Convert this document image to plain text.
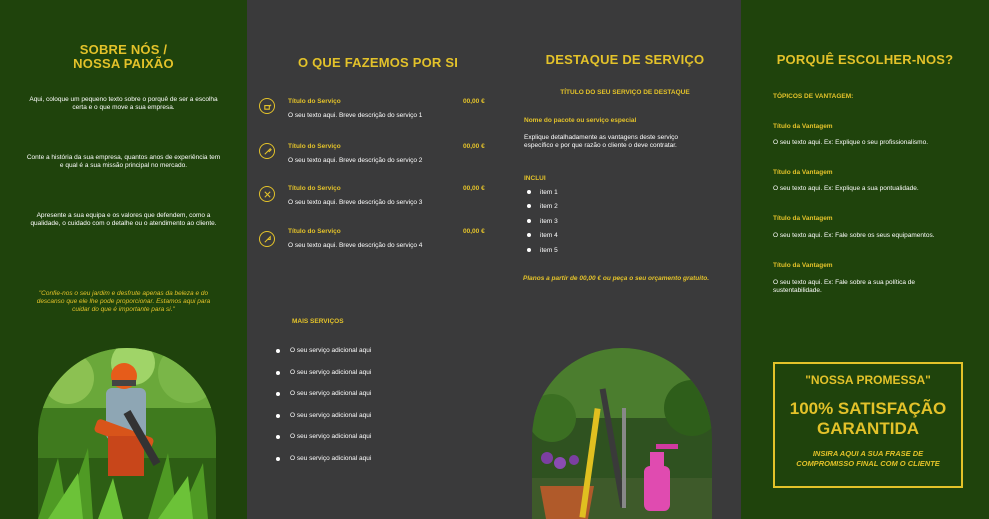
SOBRE NÓS /
NOSSA PAIXÃO
Aqui, coloque um pequeno texto sobre o porquê de ser a escolha certa e o que move a sua empresa.
Conte a história da sua empresa, quantos anos de experiência tem e qual é a sua missão principal no mercado.
Apresente a sua equipa e os valores que defendem, como a qualidade, o cuidado com o detalhe ou o atendimento ao cliente.
"Confie-nos o seu jardim e desfrute apenas da beleza e do descanso que ele lhe pode proporcionar. Estamos aqui para cuidar do que é importante para si."
O QUE FAZEMOS POR SI
Título do Serviço	00,00 €
O seu texto aqui. Breve descrição do serviço 1
Título do Serviço	00,00 €
O seu texto aqui. Breve descrição do serviço 2
Título do Serviço	00,00 €
O seu texto aqui. Breve descrição do serviço 3
Título do Serviço	00,00 €
O seu texto aqui. Breve descrição do serviço 4
MAIS SERVIÇOS
O seu serviço adicional aqui
O seu serviço adicional aqui
O seu serviço adicional aqui
O seu serviço adicional aqui
O seu serviço adicional aqui
O seu serviço adicional aqui
DESTAQUE DE SERVIÇO
TÍTULO DO SEU SERVIÇO DE DESTAQUE
Nome do pacote ou serviço especial
Explique detalhadamente as vantagens deste serviço específico e por que razão o cliente o deve contratar.
INCLUI
item 1
item 2
item 3
item 4
item 5
Planos a partir de 00,00 € ou peça o seu orçamento gratuito.
PORQUÊ ESCOLHER-NOS?
TÓPICOS DE VANTAGEM:
Título da Vantagem
O seu texto aqui. Ex: Explique o seu profissionalismo.
Título da Vantagem
O seu texto aqui. Ex: Explique a sua pontualidade.
Título da Vantagem
O seu texto aqui. Ex: Fale sobre os seus equipamentos.
Título da Vantagem
O seu texto aqui. Ex: Fale sobre a sua política de sustentabilidade.
"NOSSA PROMESSA"
100% SATISFAÇÃO
GARANTIDA
INSIRA AQUI A SUA FRASE DE COMPROMISSO FINAL COM O CLIENTE
